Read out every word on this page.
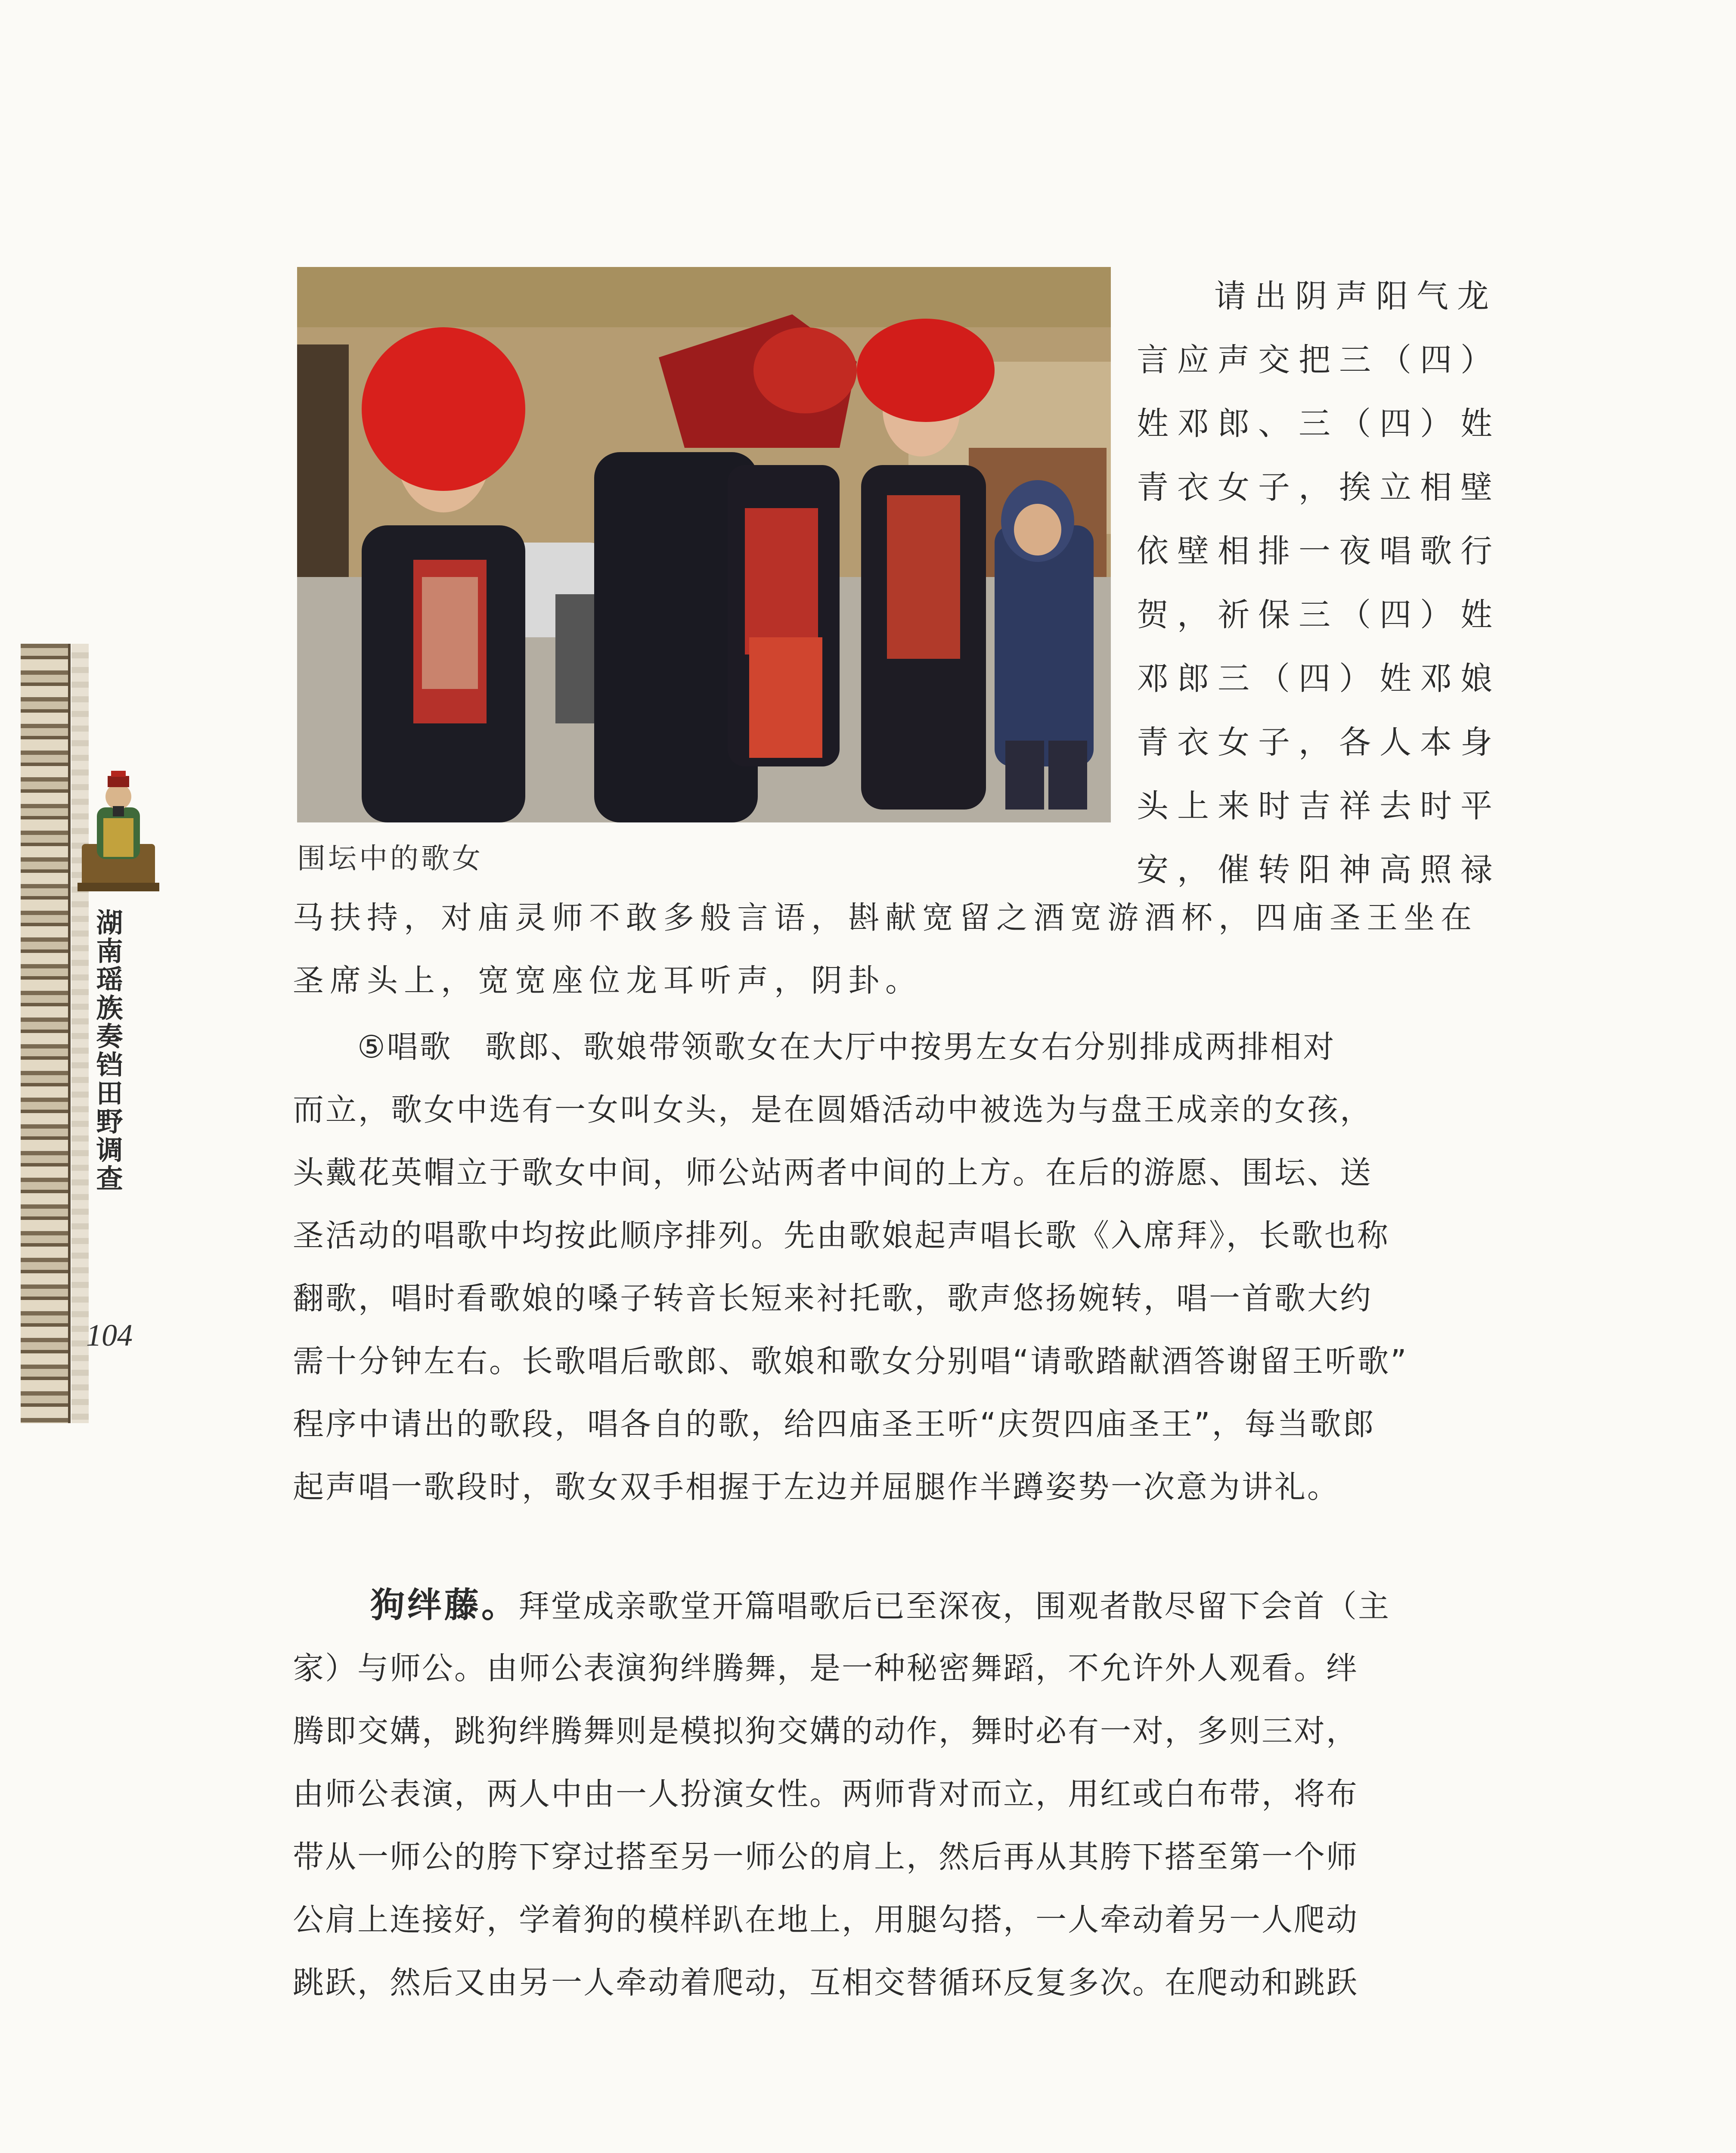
湖南瑶族奏铛田野调查
104
围坛中的歌女
请出阴声阳气龙
言应声交把三（四）
姓邓郎、三（四）姓
青衣女子，挨立相壁
依壁相排一夜唱歌行
贺，祈保三（四）姓
邓郎三（四）姓邓娘
青衣女子，各人本身
头上来时吉祥去时平
安，催转阳神高照禄
马扶持，对庙灵师不敢多般言语，斟献宽留之酒宽游酒杯，四庙圣王坐在
圣席头上，宽宽座位龙耳听声，阴卦。
⑤唱歌　歌郎、歌娘带领歌女在大厅中按男左女右分别排成两排相对
而立，歌女中选有一女叫女头，是在圆婚活动中被选为与盘王成亲的女孩，
头戴花英帽立于歌女中间，师公站两者中间的上方。在后的游愿、围坛、送
圣活动的唱歌中均按此顺序排列。先由歌娘起声唱长歌《入席拜》，长歌也称
翻歌，唱时看歌娘的嗓子转音长短来衬托歌，歌声悠扬婉转，唱一首歌大约
需十分钟左右。长歌唱后歌郎、歌娘和歌女分别唱“请歌踏献酒答谢留王听歌”
程序中请出的歌段，唱各自的歌，给四庙圣王听“庆贺四庙圣王”，每当歌郎
起声唱一歌段时，歌女双手相握于左边并屈腿作半蹲姿势一次意为讲礼。
狗绊藤。拜堂成亲歌堂开篇唱歌后已至深夜，围观者散尽留下会首（主
家）与师公。由师公表演狗绊腾舞，是一种秘密舞蹈，不允许外人观看。绊
腾即交媾，跳狗绊腾舞则是模拟狗交媾的动作，舞时必有一对，多则三对，
由师公表演，两人中由一人扮演女性。两师背对而立，用红或白布带，将布
带从一师公的胯下穿过搭至另一师公的肩上，然后再从其胯下搭至第一个师
公肩上连接好，学着狗的模样趴在地上，用腿勾搭，一人牵动着另一人爬动
跳跃，然后又由另一人牵动着爬动，互相交替循环反复多次。在爬动和跳跃
